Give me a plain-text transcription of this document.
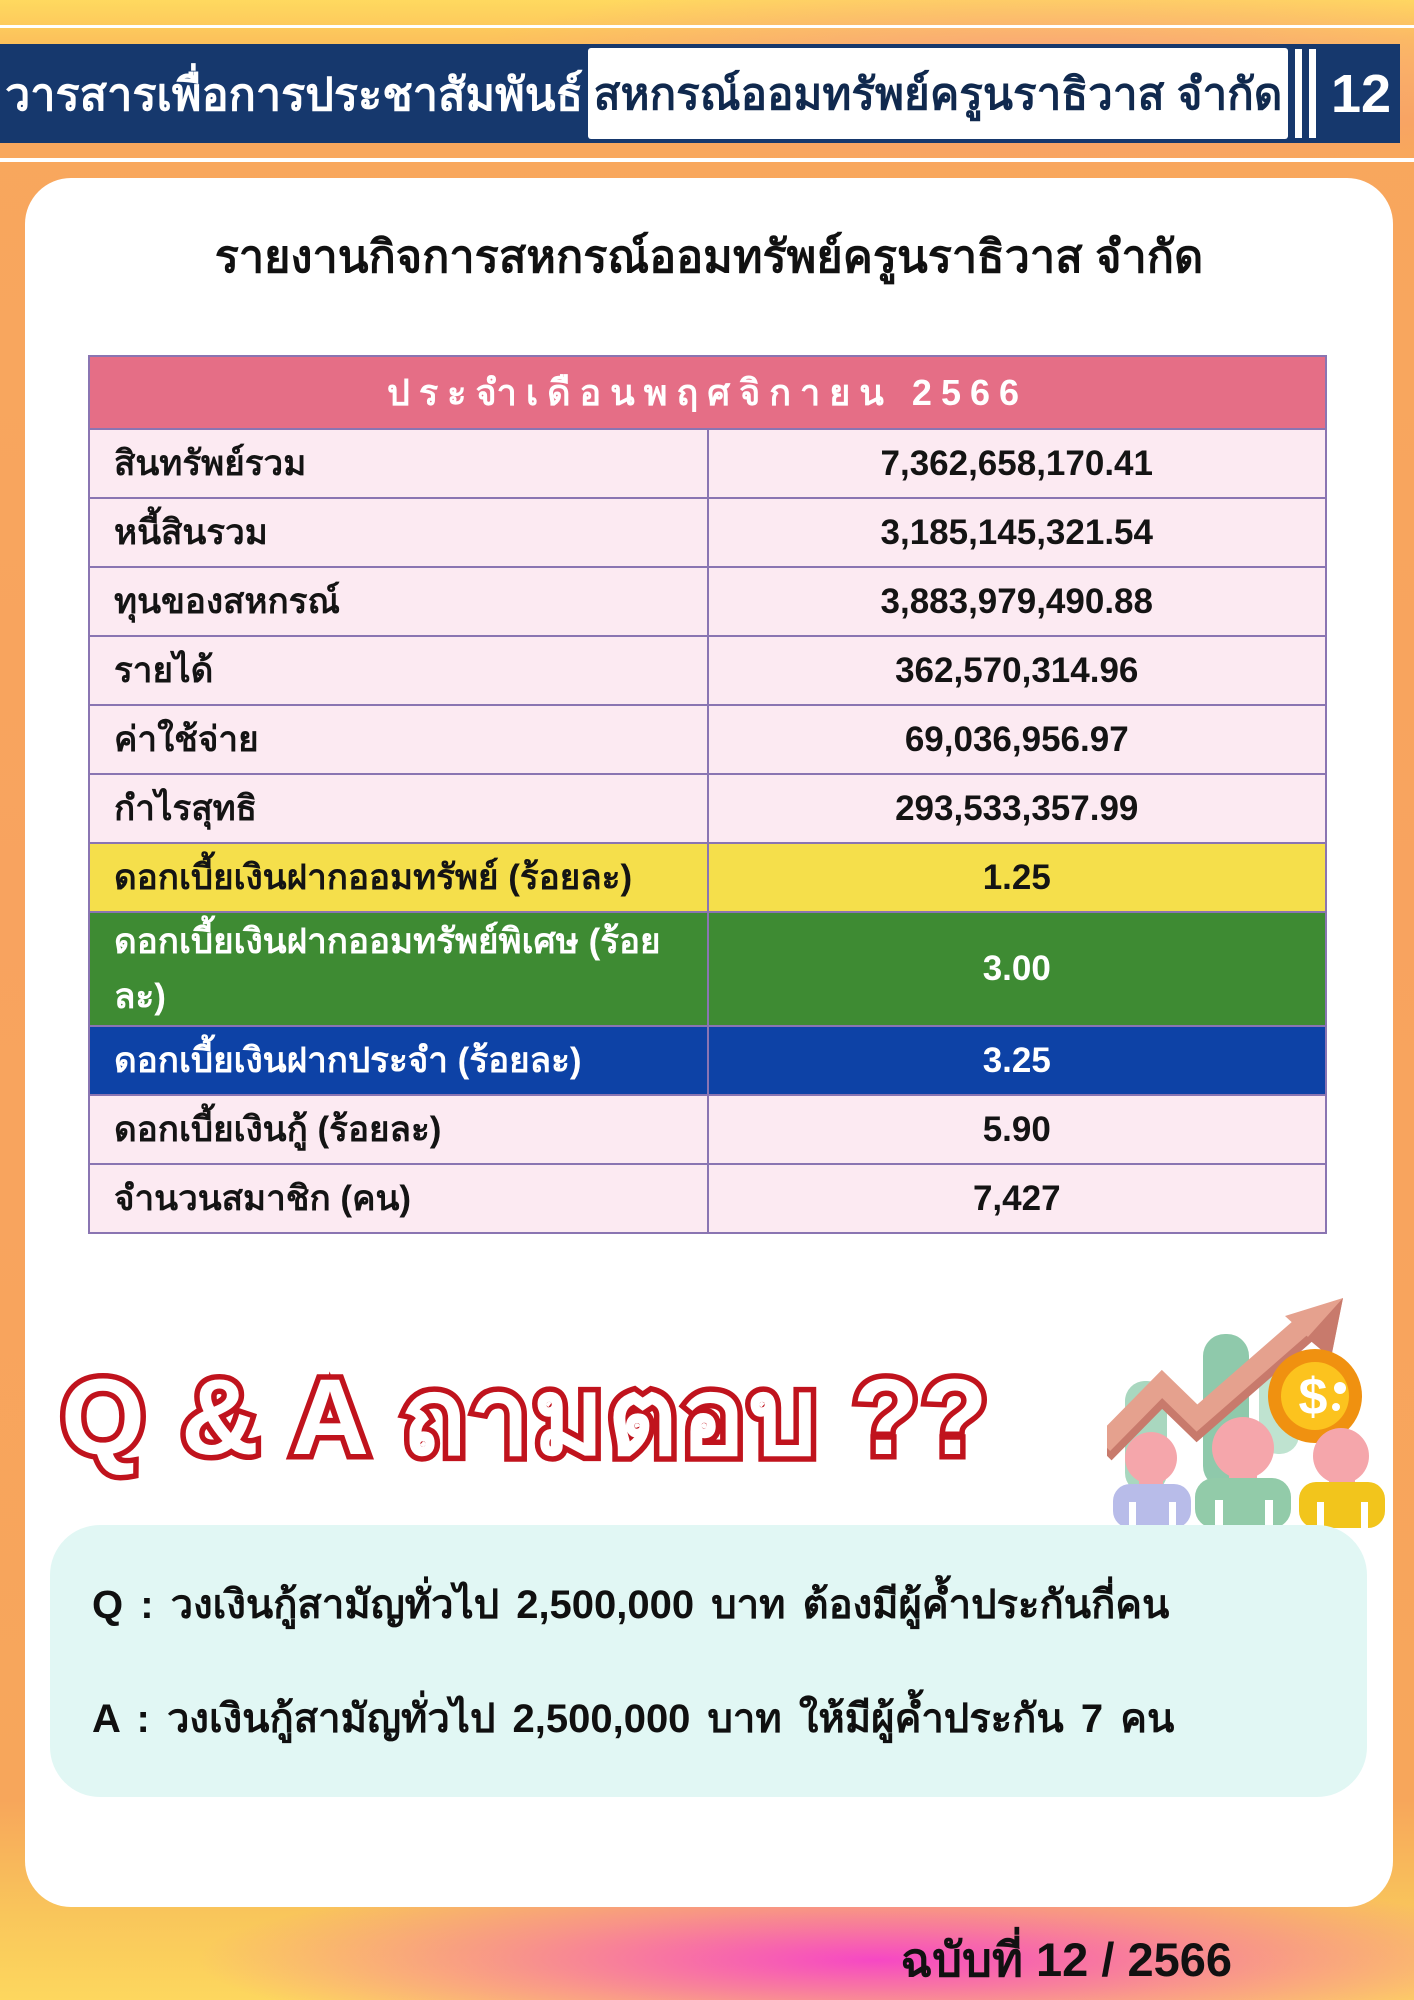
วารสารเพื่อการประชาสัมพันธ์ สหกรณ์ออมทรัพย์ครูนราธิวาส จำกัด 12
รายงานกิจการสหกรณ์ออมทรัพย์ครูนราธิวาส จำกัด
ประจำเดือนพฤศจิกายน 2566	
สินทรัพย์รวม	7,362,658,170.41
หนี้สินรวม	3,185,145,321.54
ทุนของสหกรณ์	3,883,979,490.88
รายได้	362,570,314.96
ค่าใช้จ่าย	69,036,956.97
กำไรสุทธิ	293,533,357.99
ดอกเบี้ยเงินฝากออมทรัพย์ (ร้อยละ)	1.25
ดอกเบี้ยเงินฝากออมทรัพย์พิเศษ (ร้อยละ)	3.00
ดอกเบี้ยเงินฝากประจำ (ร้อยละ)	3.25
ดอกเบี้ยเงินกู้ (ร้อยละ)	5.90
จำนวนสมาชิก (คน)	7,427
Q & A ถามตอบ ??	$
Q : วงเงินกู้สามัญทั่วไป 2,500,000 บาท ต้องมีผู้ค้ำประกันกี่คน
A : วงเงินกู้สามัญทั่วไป 2,500,000 บาท ให้มีผู้ค้ำประกัน 7 คน
ฉบับที่ 12 / 2566
